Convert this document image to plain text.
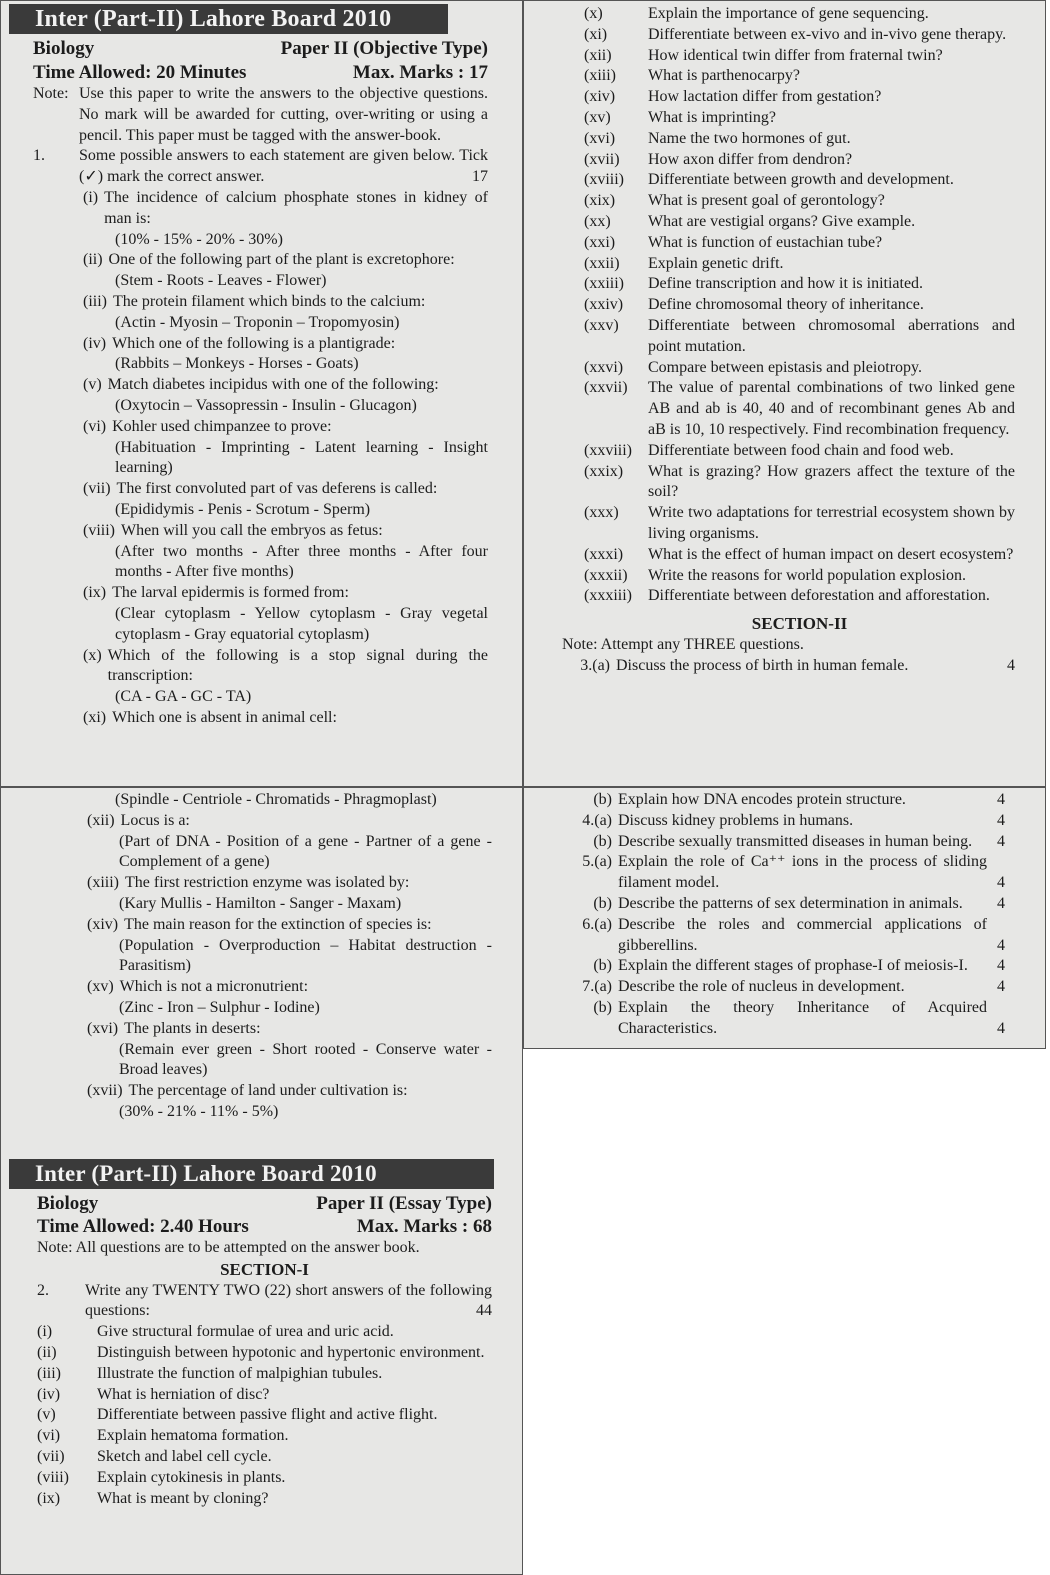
Inter (Part-II) Lahore Board 2010
Biology	Paper II (Objective Type)
Time Allowed: 20 Minutes	Max. Marks : 17
Note: Use this paper to write the answers to the objective questions. No mark will be awarded for cutting, over-writing or using a pencil. This paper must be tagged with the answer-book.
1.	Some possible answers to each statement are given below. Tick (✓) mark the correct answer.	17
(i) The incidence of calcium phosphate stones in kidney of man is:
(10% - 15% - 20% - 30%)
(ii) One of the following part of the plant is excretophore:
(Stem - Roots - Leaves - Flower)
(iii) The protein filament which binds to the calcium:
(Actin - Myosin – Troponin – Tropomyosin)
(iv) Which one of the following is a plantigrade:
(Rabbits – Monkeys - Horses - Goats)
(v) Match diabetes incipidus with one of the following:
(Oxytocin – Vassopressin - Insulin - Glucagon)
(vi) Kohler used chimpanzee to prove:
(Habituation - Imprinting - Latent learning - Insight learning)
(vii) The first convoluted part of vas deferens is called:
(Epididymis - Penis - Scrotum - Sperm)
(viii) When will you call the embryos as fetus:
(After two months - After three months - After four months - After five months)
(ix) The larval epidermis is formed from:
(Clear cytoplasm - Yellow cytoplasm - Gray vegetal cytoplasm - Gray equatorial cytoplasm)
(x) Which of the following is a stop signal during the transcription:
(CA - GA - GC - TA)
(xi) Which one is absent in animal cell:
(x)	Explain the importance of gene sequencing.
(xi)	Differentiate between ex-vivo and in-vivo gene therapy.
(xii)	How identical twin differ from fraternal twin?
(xiii)	What is parthenocarpy?
(xiv)	How lactation differ from gestation?
(xv)	What is imprinting?
(xvi)	Name the two hormones of gut.
(xvii)	How axon differ from dendron?
(xviii)	Differentiate between growth and development.
(xix)	What is present goal of gerontology?
(xx)	What are vestigial organs? Give example.
(xxi)	What is function of eustachian tube?
(xxii)	Explain genetic drift.
(xxiii)	Define transcription and how it is initiated.
(xxiv)	Define chromosomal theory of inheritance.
(xxv)	Differentiate between chromosomal aberrations and point mutation.
(xxvi)	Compare between epistasis and pleiotropy.
(xxvii)	The value of parental combinations of two linked gene AB and ab is 40, 40 and of recombinant genes Ab and aB is 10, 10 respectively. Find recombination frequency.
(xxviii)	Differentiate between food chain and food web.
(xxix)	What is grazing? How grazers affect the texture of the soil?
(xxx)	Write two adaptations for terrestrial ecosystem shown by living organisms.
(xxxi)	What is the effect of human impact on desert ecosystem?
(xxxii)	Write the reasons for world population explosion.
(xxxiii)	Differentiate between deforestation and afforestation.
SECTION-II
Note: Attempt any THREE questions.
3.(a) Discuss the process of birth in human female.	4
(Spindle - Centriole - Chromatids - Phragmoplast)
(xii) Locus is a:
(Part of DNA - Position of a gene - Partner of a gene - Complement of a gene)
(xiii) The first restriction enzyme was isolated by:
(Kary Mullis - Hamilton - Sanger - Maxam)
(xiv) The main reason for the extinction of species is:
(Population - Overproduction – Habitat destruction - Parasitism)
(xv) Which is not a micronutrient:
(Zinc - Iron – Sulphur - Iodine)
(xvi) The plants in deserts:
(Remain ever green - Short rooted - Conserve water - Broad leaves)
(xvii) The percentage of land under cultivation is:
(30% - 21% - 11% - 5%)
Inter (Part-II) Lahore Board 2010
Biology	Paper II (Essay Type)
Time Allowed: 2.40 Hours	Max. Marks : 68
Note: All questions are to be attempted on the answer book.
SECTION-I
2.	Write any TWENTY TWO (22) short answers of the following questions:	44
(i)	Give structural formulae of urea and uric acid.
(ii)	Distinguish between hypotonic and hypertonic environment.
(iii)	Illustrate the function of malpighian tubules.
(iv)	What is herniation of disc?
(v)	Differentiate between passive flight and active flight.
(vi)	Explain hematoma formation.
(vii)	Sketch and label cell cycle.
(viii)	Explain cytokinesis in plants.
(ix)	What is meant by cloning?
(b) Explain how DNA encodes protein structure.	4
4.(a) Discuss kidney problems in humans.	4
(b) Describe sexually transmitted diseases in human being.	4
5.(a) Explain the role of Ca⁺⁺ ions in the process of sliding filament model.	4
(b) Describe the patterns of sex determination in animals.	4
6.(a) Describe the roles and commercial applications of gibberellins.	4
(b) Explain the different stages of prophase-I of meiosis-I.	4
7.(a) Describe the role of nucleus in development.	4
(b) Explain the theory Inheritance of Acquired Characteristics.	4
